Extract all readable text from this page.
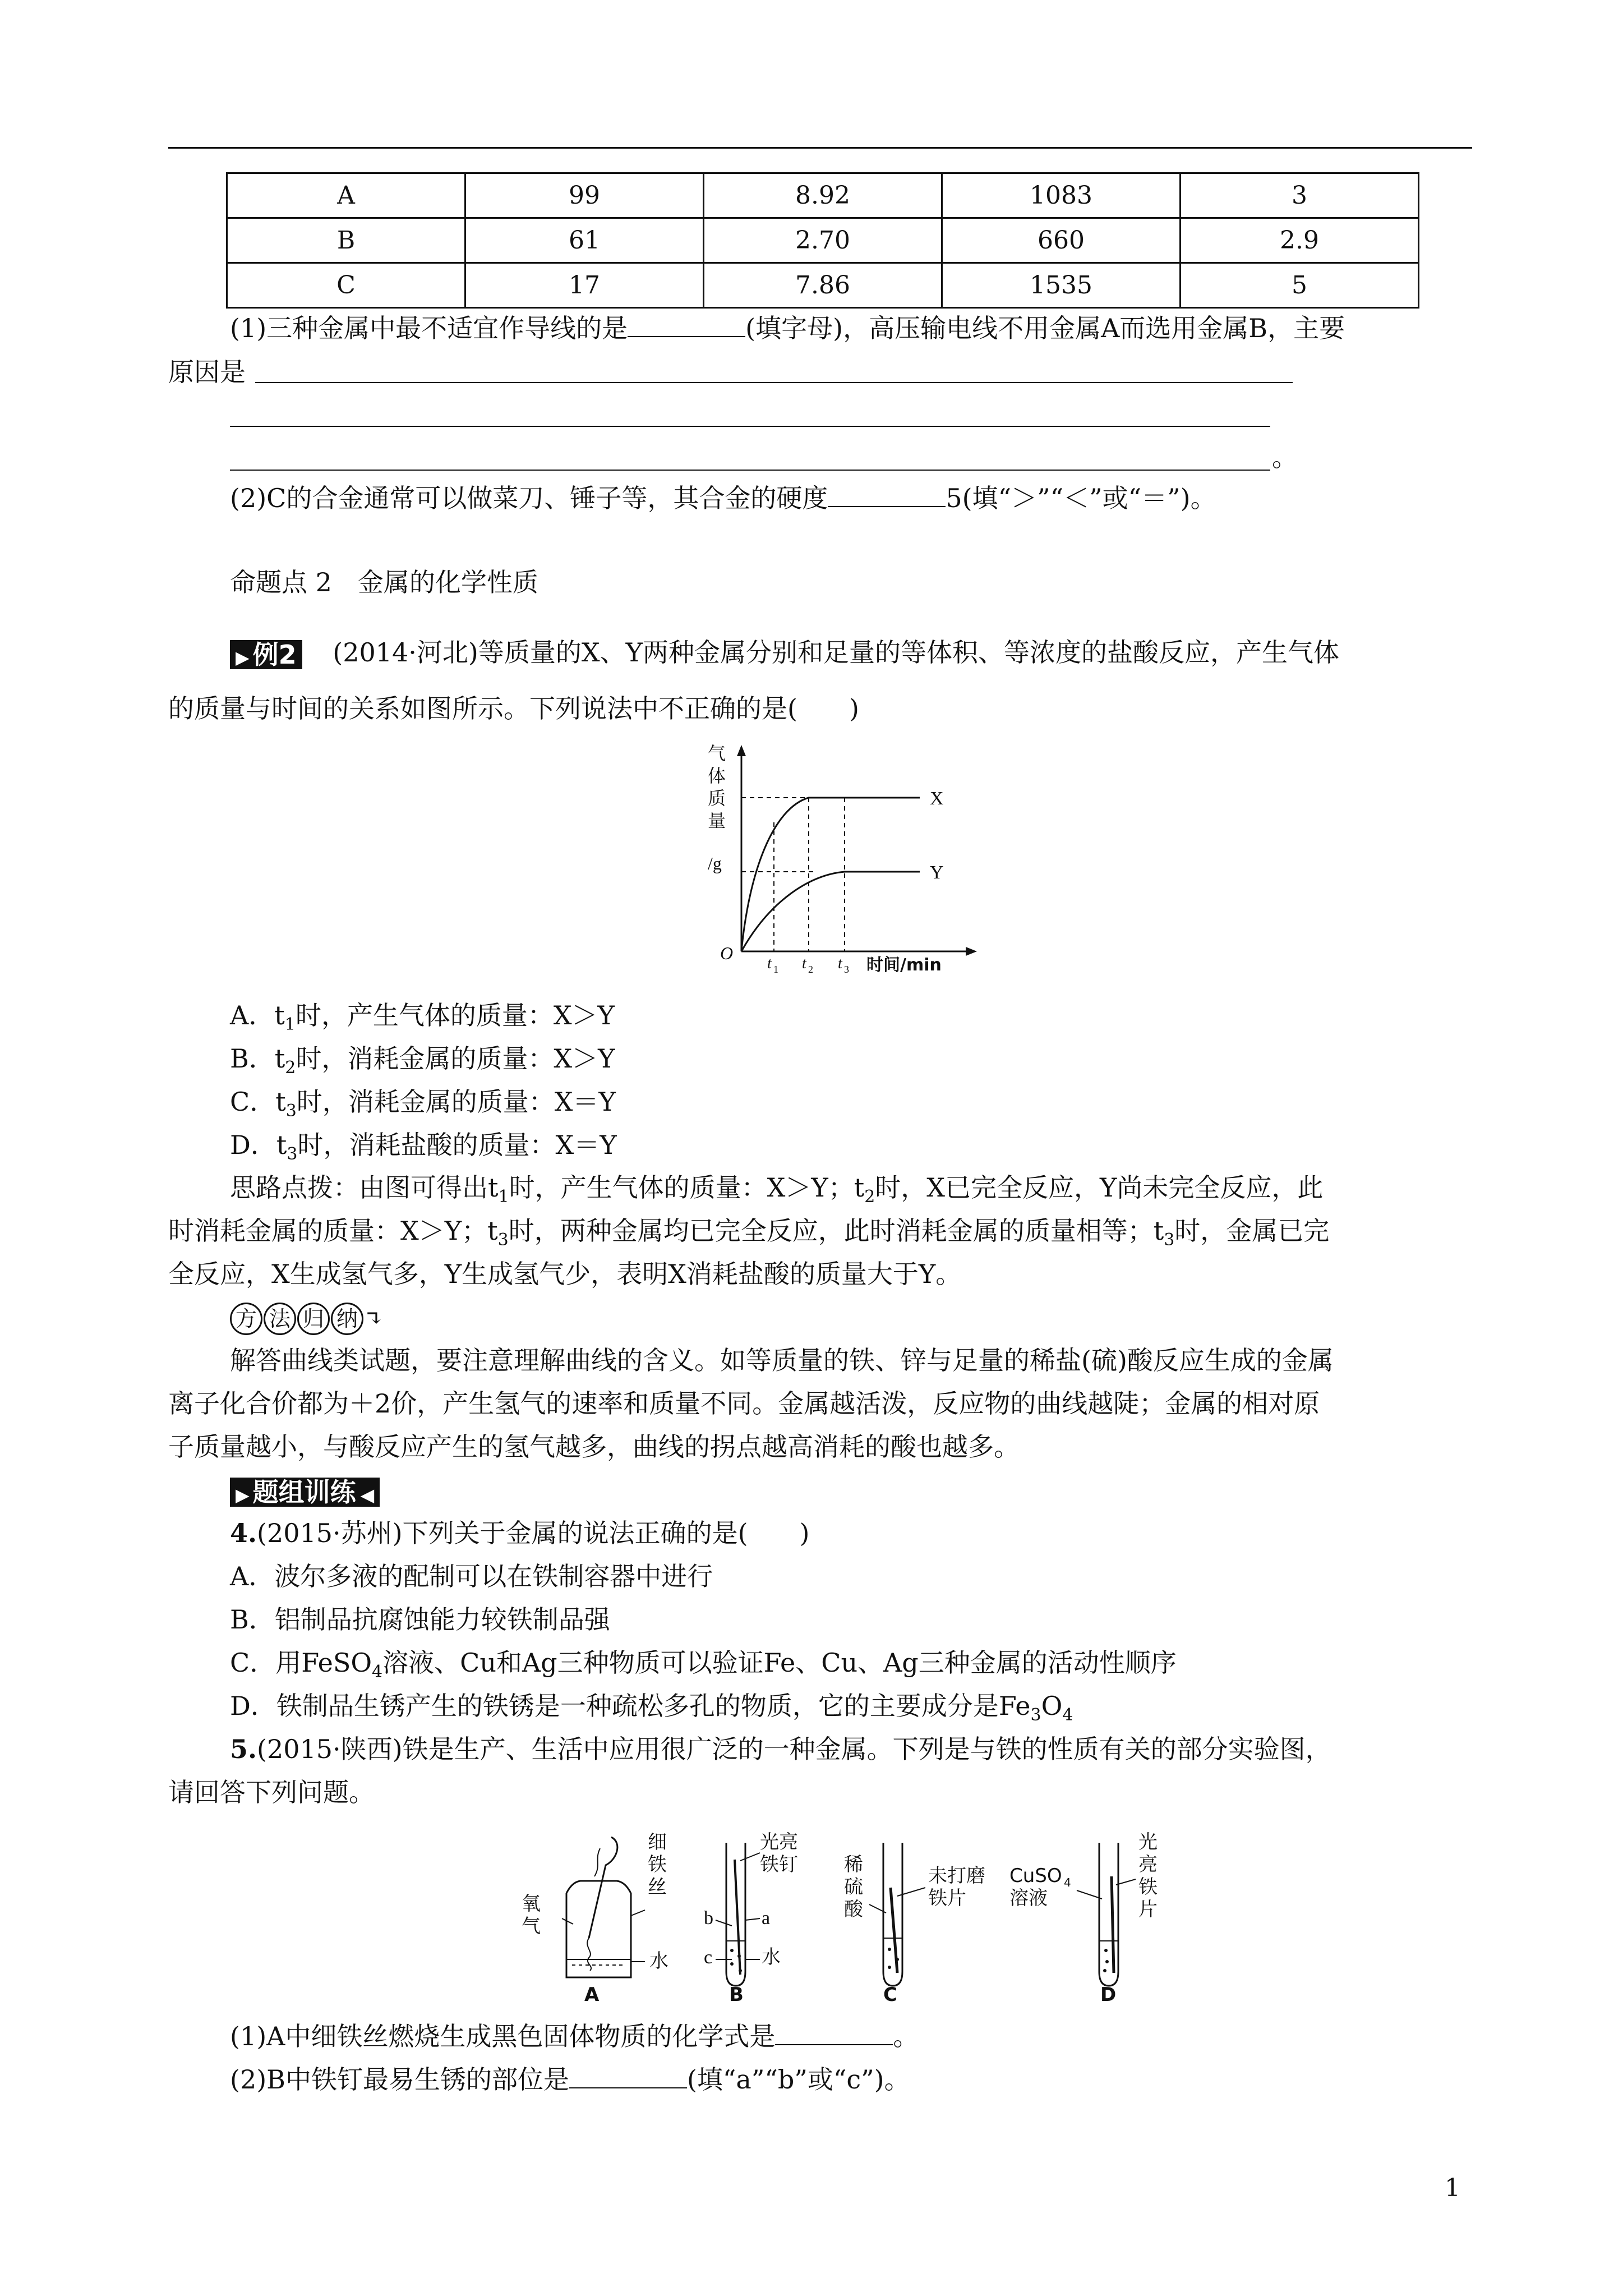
A	99	8.92	1083	3
B	61	2.70	660	2.9
C	17	7.86	1535	5
(1)三种金属中最不适宜作导线的是	(填字母)，高压输电线不用金属A而选用金属B，主要
原因是
。
(2)C的合金通常可以做菜刀、锤子等，其合金的硬度	5(填“＞”“＜”或“＝”)。
命题点 2　金属的化学性质
▶ 例2 (2014·河北)等质量的X、Y两种金属分别和足量的等体积、等浓度的盐酸反应，产生气体
的质量与时间的关系如图所示。下列说法中不正确的是(　　)
气
体
质
量
/g
X
Y
O
t 1 t 2 t 3 时间/min
A．$t_1$时，产生气体的质量：X＞Y
B．$t_2$时，消耗金属的质量：X＞Y
C．$t_3$时，消耗金属的质量：X＝Y
D．$t_3$时，消耗盐酸的质量：X＝Y
思路点拨：由图可得出$t_1$时，产生气体的质量：X＞Y；$t_2$时，X已完全反应，Y尚未完全反应，此
时消耗金属的质量：X＞Y；$t_3$时，两种金属均已完全反应，此时消耗金属的质量相等；$t_3$时，金属已完
全反应，X生成氢气多，Y生成氢气少，表明X消耗盐酸的质量大于Y。
方 法 归 纳 ↴
解答曲线类试题，要注意理解曲线的含义。如等质量的铁、锌与足量的稀盐(硫)酸反应生成的金属
离子化合价都为＋2价，产生氢气的速率和质量不同。金属越活泼，反应物的曲线越陡；金属的相对原
子质量越小，与酸反应产生的氢气越多，曲线的拐点越高消耗的酸也越多。
▶ 题组训练 ◀
4.(2015·苏州)下列关于金属的说法正确的是(　　)
A．波尔多液的配制可以在铁制容器中进行
B．铝制品抗腐蚀能力较铁制品强
C．用FeSO$_4$溶液、Cu和Ag三种物质可以验证Fe、Cu、Ag三种金属的活动性顺序
D．铁制品生锈产生的铁锈是一种疏松多孔的物质，它的主要成分是$Fe_3O_4$
5.(2015·陕西)铁是生产、生活中应用很广泛的一种金属。下列是与铁的性质有关的部分实验图，
请回答下列问题。
氧
气
细
铁
丝
水
A
光亮
铁钉
b	a
c	水
B
稀
硫
酸
未打磨
铁片
C
CuSO 4
溶液
光
亮
铁
片
D
(1)A中细铁丝燃烧生成黑色固体物质的化学式是	。
(2)B中铁钉最易生锈的部位是	(填“a”“b”或“c”)。
1
